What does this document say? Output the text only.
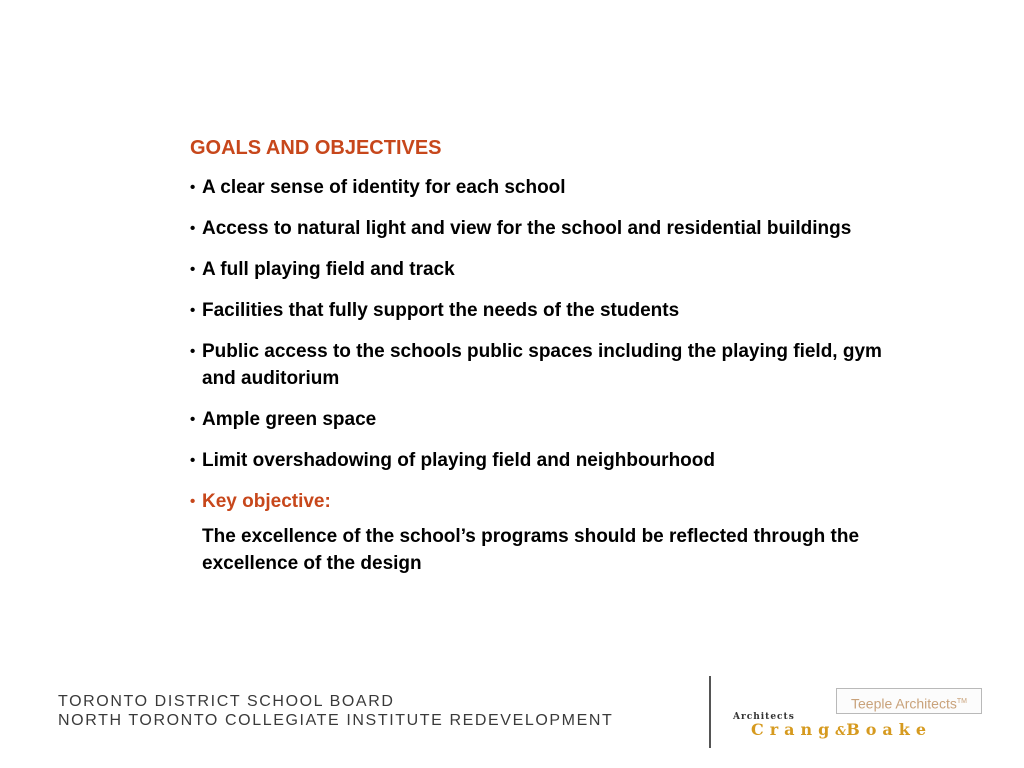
GOALS AND OBJECTIVES
• A clear sense of identity for each school
• Access to natural light and view for the school and residential buildings
• A full playing field and track
• Facilities that fully support the needs of the students
• Public access to the schools public spaces including the playing field, gym and auditorium
• Ample green space
• Limit overshadowing of playing field and neighbourhood
• Key objective:
The excellence of the school’s programs should be reflected through the excellence of the design
TORONTO DISTRICT SCHOOL BOARD
NORTH TORONTO COLLEGIATE INSTITUTE REDEVELOPMENT
Teeple Architects™
Architects
Crang&Boake
